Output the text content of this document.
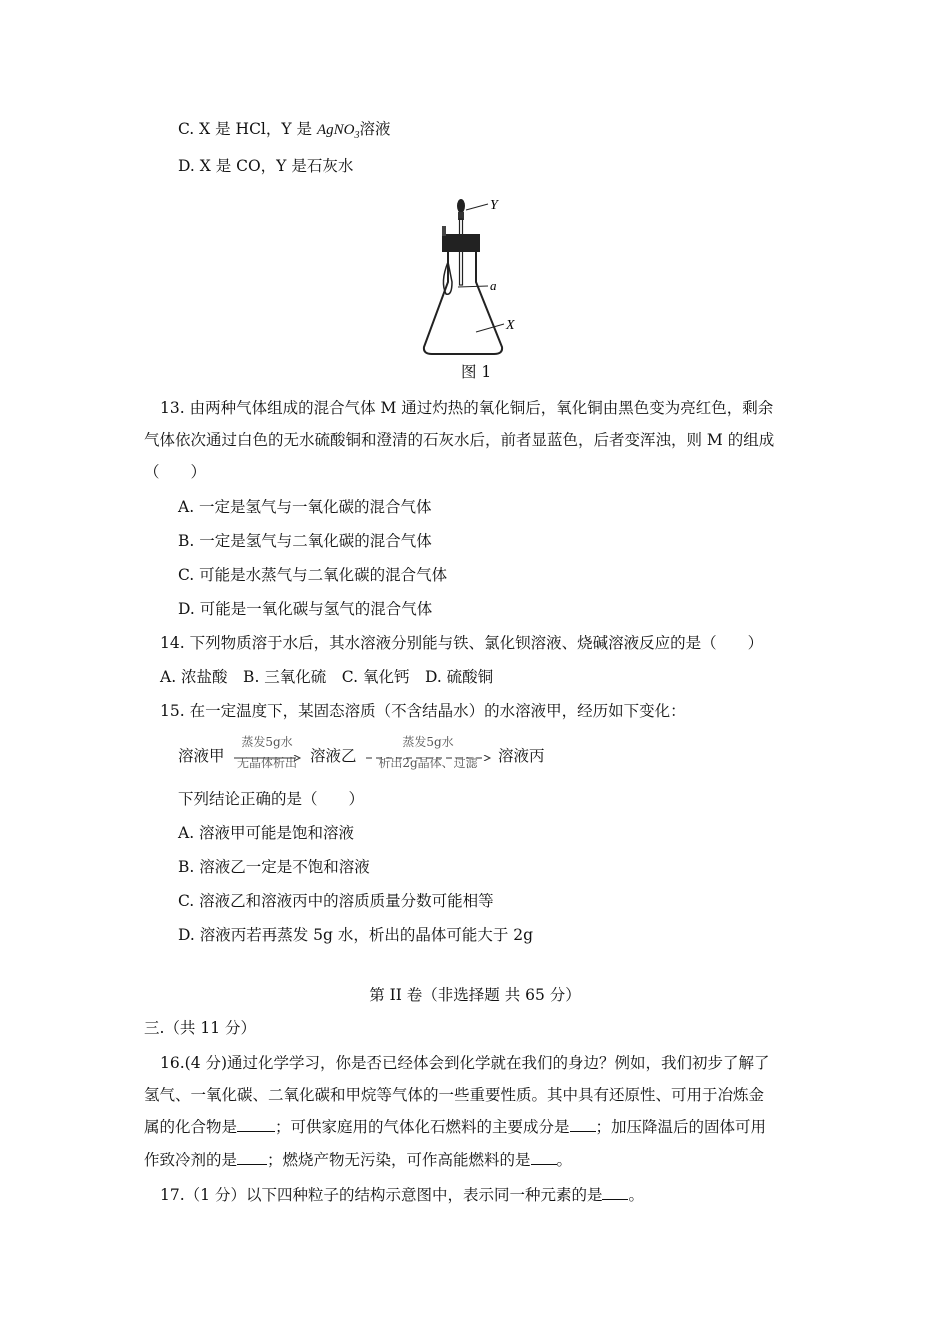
C. X 是 HCl，Y 是 AgNO$_3$溶液
D. X 是 CO，Y 是石灰水
Y
a
X
图 1
13. 由两种气体组成的混合气体 M 通过灼热的氧化铜后，氧化铜由黑色变为亮红色，剩余
气体依次通过白色的无水硫酸铜和澄清的石灰水后，前者显蓝色，后者变浑浊，则 M 的组成
（　　）
A. 一定是氢气与一氧化碳的混合气体
B. 一定是氢气与二氧化碳的混合气体
C. 可能是水蒸气与二氧化碳的混合气体
D. 可能是一氧化碳与氢气的混合气体
14. 下列物质溶于水后，其水溶液分别能与铁、氯化钡溶液、烧碱溶液反应的是（　　）
A. 浓盐酸　B. 三氧化硫　C. 氧化钙　D. 硫酸铜
15. 在一定温度下，某固态溶质（不含结晶水）的水溶液甲，经历如下变化：
溶液甲
蒸发5g水
无晶体析出 溶液乙
蒸发5g水
析出2g晶体、过滤	溶液丙
下列结论正确的是（　　）
A. 溶液甲可能是饱和溶液
B. 溶液乙一定是不饱和溶液
C. 溶液乙和溶液丙中的溶质质量分数可能相等
D. 溶液丙若再蒸发 5g 水，析出的晶体可能大于 2g
第 II 卷（非选择题 共 65 分）
三.（共 11 分）
16.(4 分)通过化学学习，你是否已经体会到化学就在我们的身边？例如，我们初步了解了
氢气、一氧化碳、二氧化碳和甲烷等气体的一些重要性质。其中具有还原性、可用于冶炼金
属的化合物是 ；可供家庭用的气体化石燃料的主要成分是 ；加压降温后的固体可用
作致冷剂的是 ；燃烧产物无污染，可作高能燃料的是 。
17.（1 分）以下四种粒子的结构示意图中，表示同一种元素的是 。
